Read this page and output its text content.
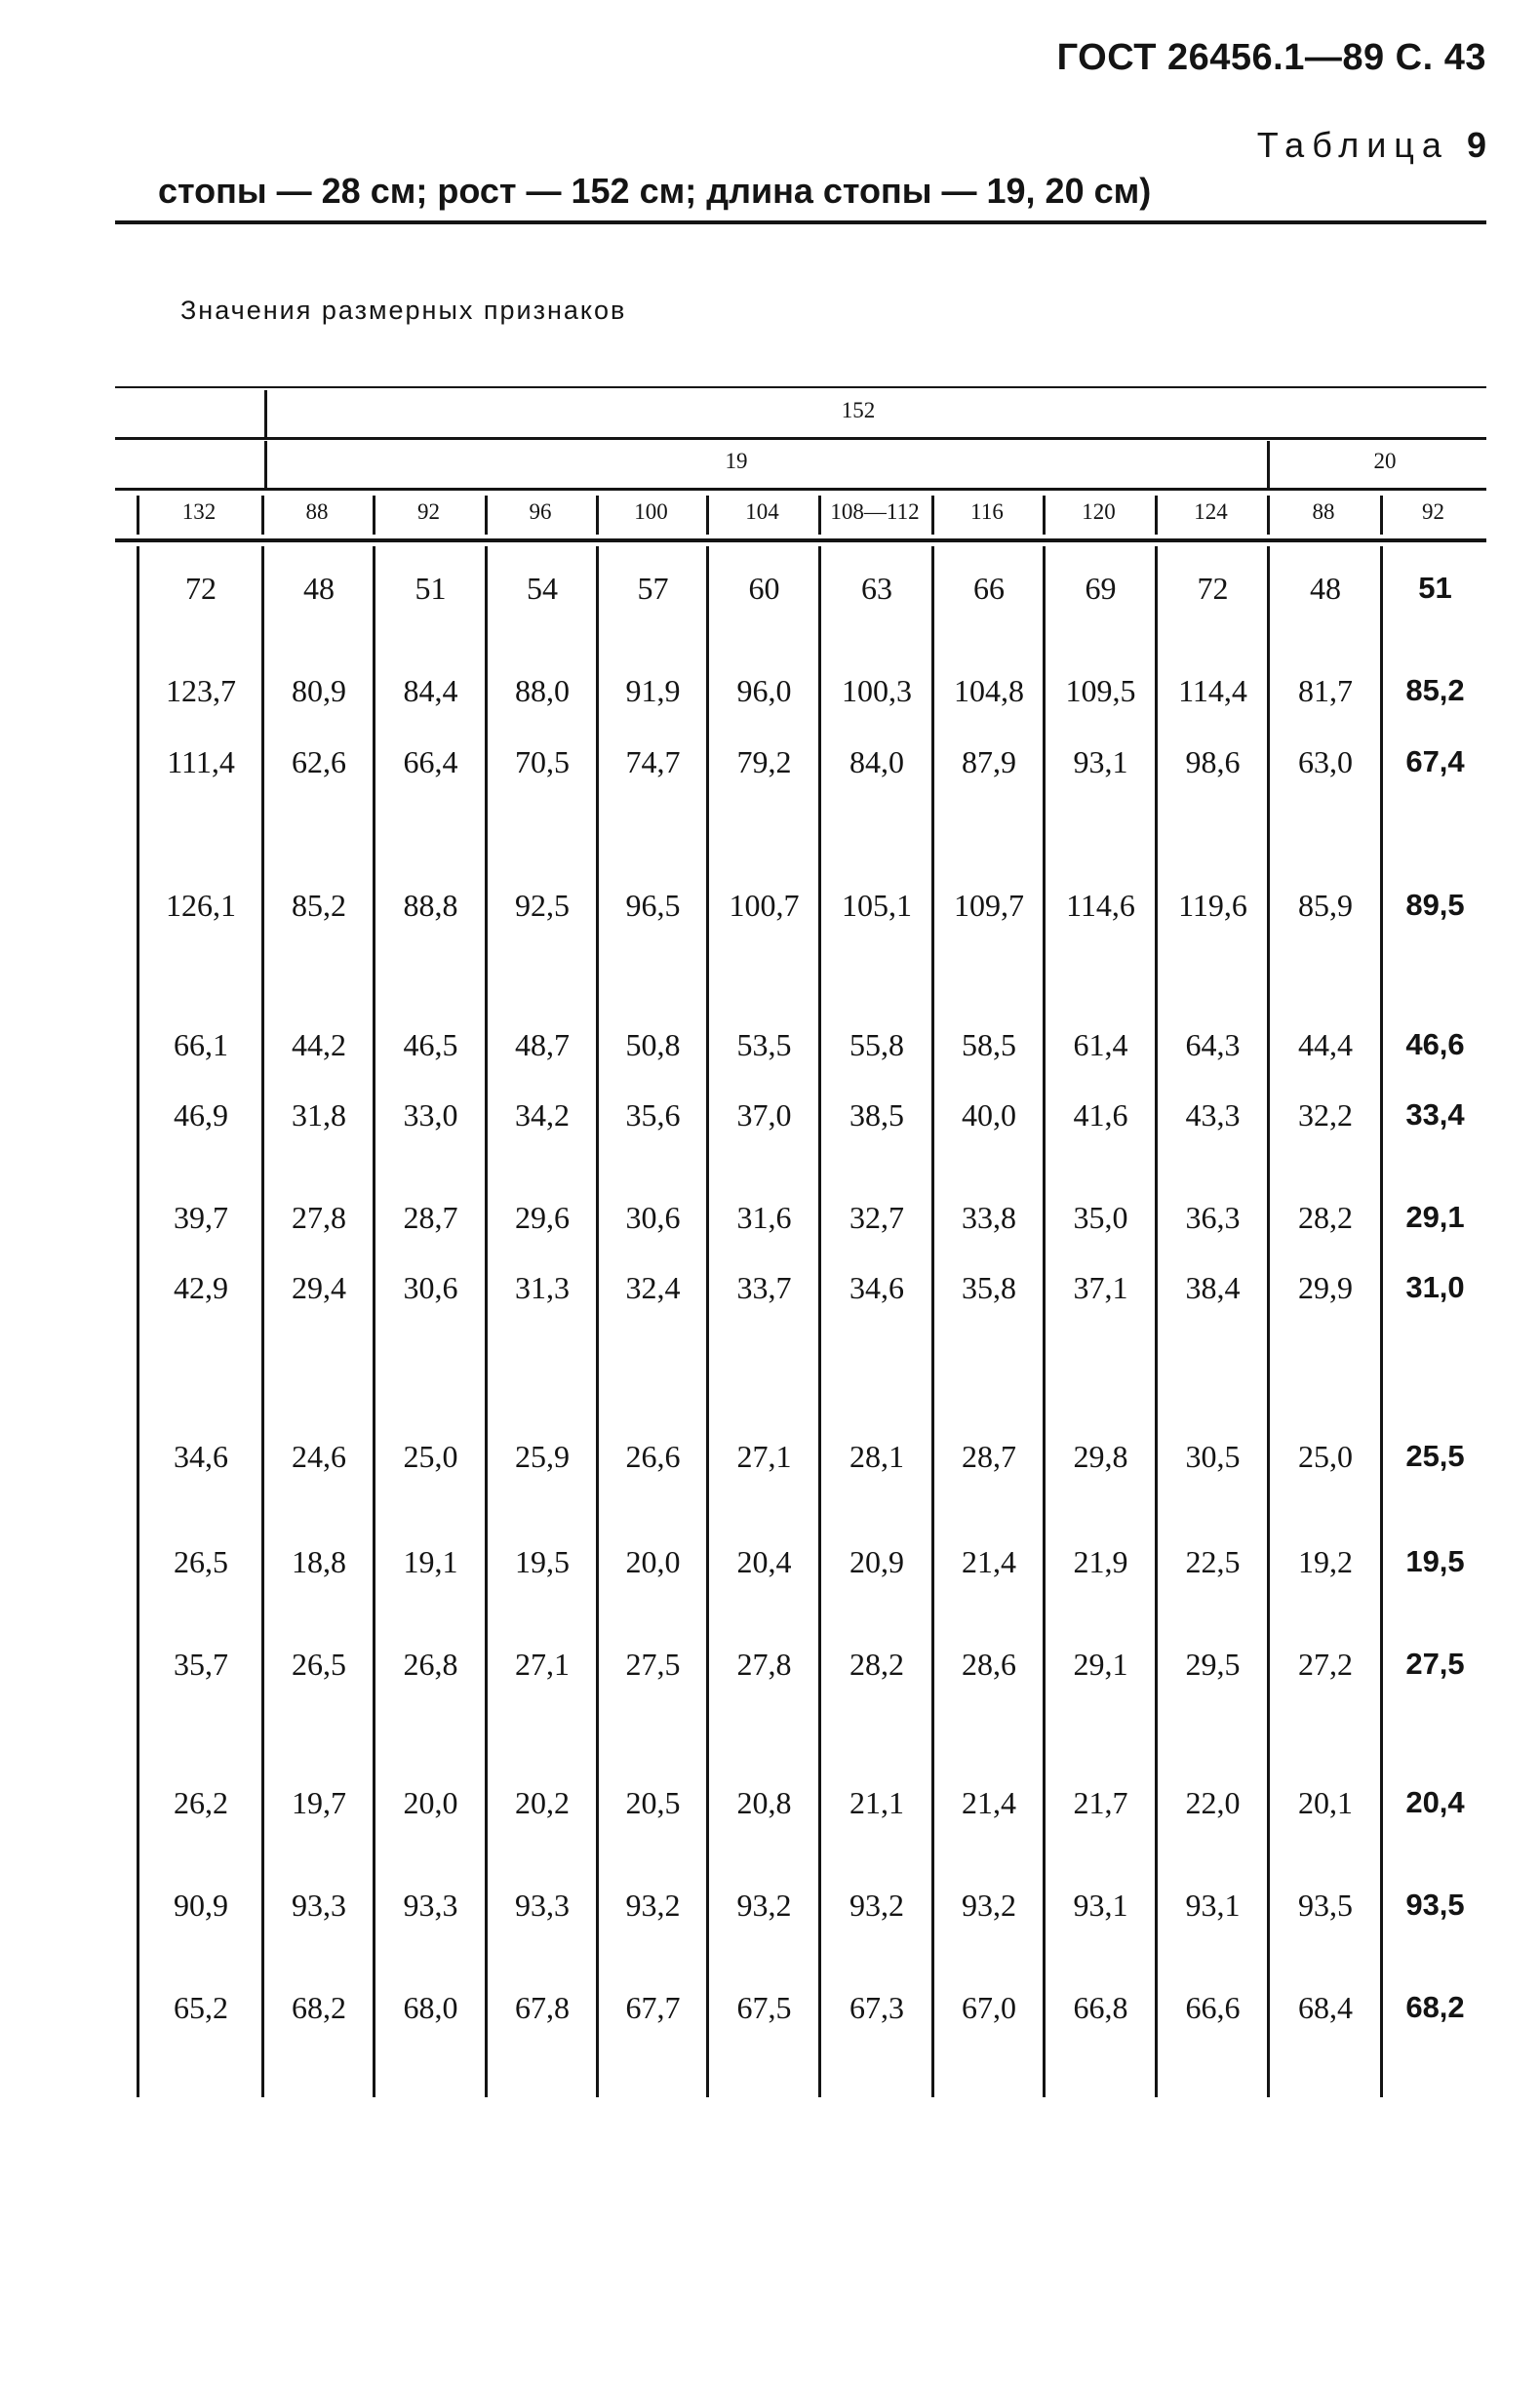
ГОСТ 26456.1—89 С. 43
Таблица 9
стопы — 28 см; рост — 152 см; длина стопы — 19, 20 см)
Значения размерных признаков
152
19	20
132	88	92	96	100	104 108—112 116	120	124	88	92
72	48	51	54	57	60	63	66	69	72	48	51
123,7 80,9 84,4 88,0 91,9 96,0 100,3 104,8 109,5 114,4 81,7 85,2
111,4 62,6 66,4 70,5 74,7 79,2 84,0 87,9 93,1 98,6 63,0 67,4
126,1 85,2 88,8 92,5 96,5 100,7 105,1 109,7 114,6 119,6 85,9 89,5
66,1 44,2 46,5 48,7 50,8 53,5 55,8 58,5 61,4 64,3 44,4 46,6
46,9 31,8 33,0 34,2 35,6 37,0 38,5 40,0 41,6 43,3 32,2 33,4
39,7 27,8 28,7 29,6 30,6 31,6 32,7 33,8 35,0 36,3 28,2 29,1
42,9 29,4 30,6 31,3 32,4 33,7 34,6 35,8 37,1 38,4 29,9 31,0
34,6 24,6 25,0 25,9 26,6 27,1 28,1 28,7 29,8 30,5 25,0 25,5
26,5 18,8 19,1 19,5 20,0 20,4 20,9 21,4 21,9 22,5 19,2 19,5
35,7 26,5 26,8 27,1 27,5 27,8 28,2 28,6 29,1 29,5 27,2 27,5
26,2 19,7 20,0 20,2 20,5 20,8 21,1 21,4 21,7 22,0 20,1 20,4
90,9 93,3 93,3 93,3 93,2 93,2 93,2 93,2 93,1 93,1 93,5 93,5
65,2 68,2 68,0 67,8 67,7 67,5 67,3 67,0 66,8 66,6 68,4 68,2
